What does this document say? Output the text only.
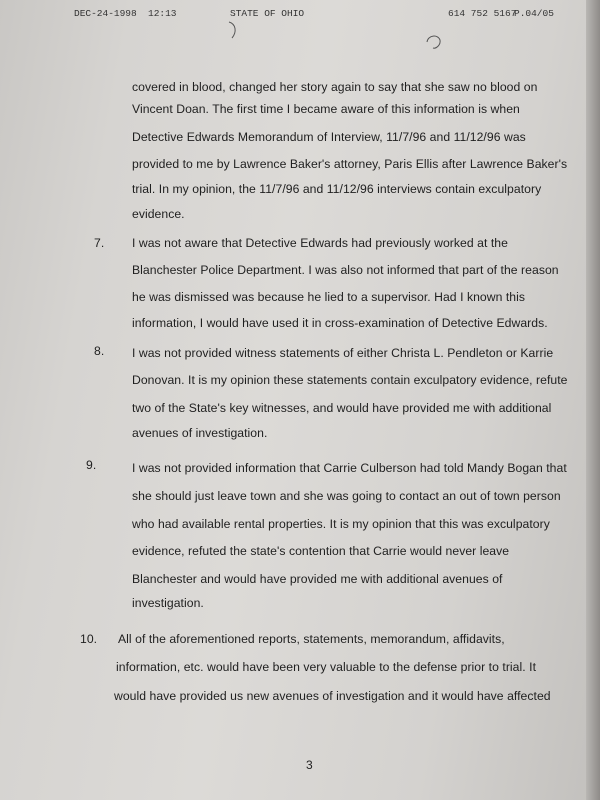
DEC-24-1998 12:13	STATE OF OHIO	614 752 5167
P.04/05
covered in blood, changed her story again to say that she saw no blood on
Vincent Doan. The first time I became aware of this information is when
Detective Edwards Memorandum of Interview, 11/7/96 and 11/12/96 was
provided to me by Lawrence Baker's attorney, Paris Ellis after Lawrence Baker's
trial. In my opinion, the 11/7/96 and 11/12/96 interviews contain exculpatory
evidence.
7. I was not aware that Detective Edwards had previously worked at the
Blanchester Police Department. I was also not informed that part of the reason
he was dismissed was because he lied to a supervisor. Had I known this
information, I would have used it in cross-examination of Detective Edwards.
8. I was not provided witness statements of either Christa L. Pendleton or Karrie
Donovan. It is my opinion these statements contain exculpatory evidence, refute
two of the State's key witnesses, and would have provided me with additional
avenues of investigation.
9.	I was not provided information that Carrie Culberson had told Mandy Bogan that
she should just leave town and she was going to contact an out of town person
who had available rental properties. It is my opinion that this was exculpatory
evidence, refuted the state's contention that Carrie would never leave
Blanchester and would have provided me with additional avenues of
investigation.
10. All of the aforementioned reports, statements, memorandum, affidavits,
information, etc. would have been very valuable to the defense prior to trial. It
would have provided us new avenues of investigation and it would have affected
3
